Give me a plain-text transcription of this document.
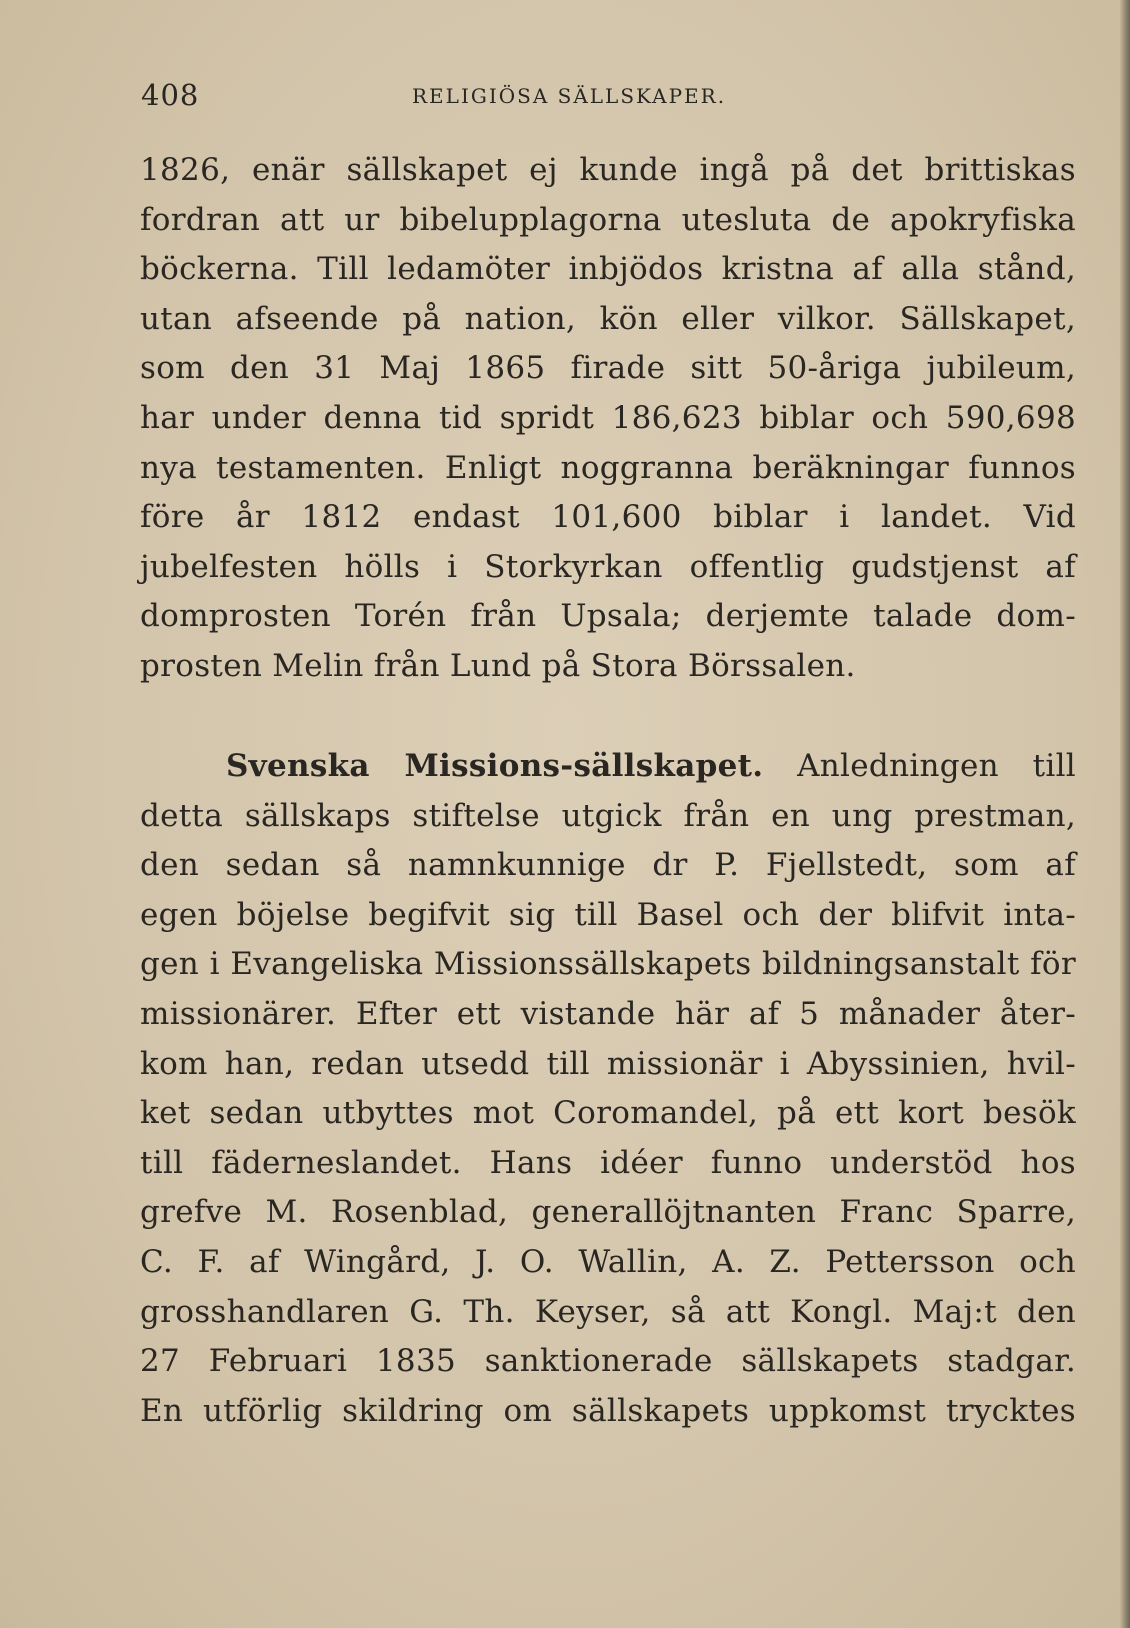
408	RELIGIÖSA SÄLLSKAPER.
1826, enär sällskapet ej kunde ingå på det brittiskas
fordran att ur bibelupplagorna utesluta de apokryfiska
böckerna. Till ledamöter inbjödos kristna af alla stånd,
utan afseende på nation, kön eller vilkor. Sällskapet,
som den 31 Maj 1865 firade sitt 50-åriga jubileum,
har under denna tid spridt 186,623 biblar och 590,698
nya testamenten. Enligt noggranna beräkningar funnos
före år 1812 endast 101,600 biblar i landet. Vid
jubelfesten hölls i Storkyrkan offentlig gudstjenst af
domprosten Torén från Upsala; derjemte talade dom-
prosten Melin från Lund på Stora Börssalen.
Svenska Missions-sällskapet. Anledningen till
detta sällskaps stiftelse utgick från en ung prestman,
den sedan så namnkunnige dr P. Fjellstedt, som af
egen böjelse begifvit sig till Basel och der blifvit inta-
gen i Evangeliska Missionssällskapets bildningsanstalt för
missionärer. Efter ett vistande här af 5 månader åter-
kom han, redan utsedd till missionär i Abyssinien, hvil-
ket sedan utbyttes mot Coromandel, på ett kort besök
till fäderneslandet. Hans idéer funno understöd hos
grefve M. Rosenblad, generallöjtnanten Franc Sparre,
C. F. af Wingård, J. O. Wallin, A. Z. Pettersson och
grosshandlaren G. Th. Keyser, så att Kongl. Maj:t den
27 Februari 1835 sanktionerade sällskapets stadgar.
En utförlig skildring om sällskapets uppkomst trycktes
